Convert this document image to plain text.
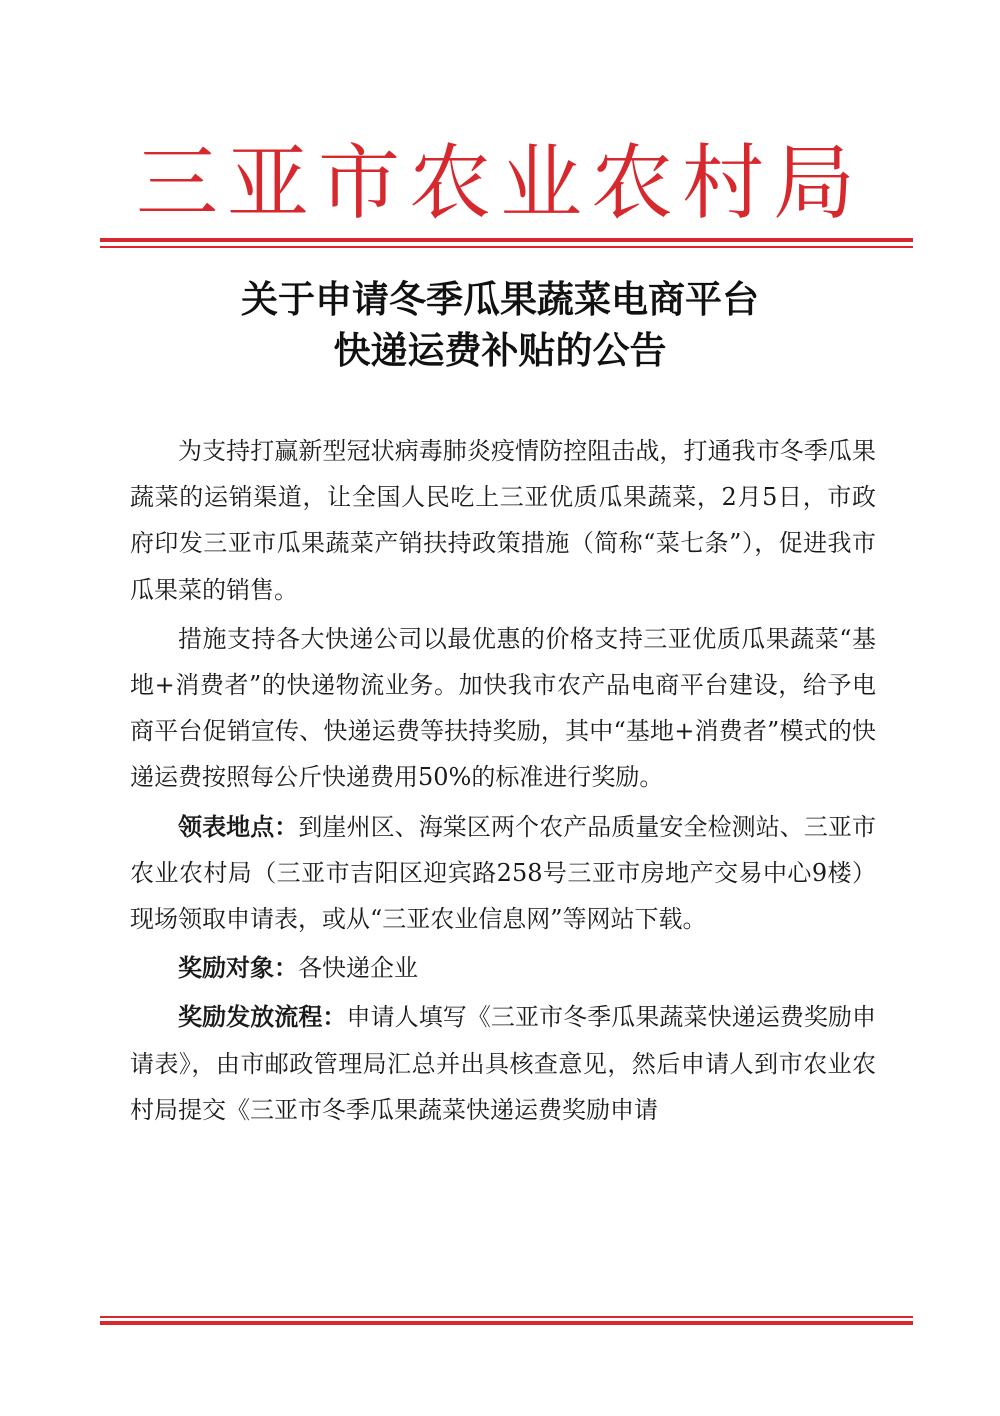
三亚市农业农村局
关于申请冬季瓜果蔬菜电商平台
快递运费补贴的公告

为支持打赢新型冠状病毒肺炎疫情防控阻击战，打通我市冬季瓜果蔬菜的运销渠道，让全国人民吃上三亚优质瓜果蔬菜，2月5日，市政府印发三亚市瓜果蔬菜产销扶持政策措施（简称“菜七条”），促进我市瓜果菜的销售。

措施支持各大快递公司以最优惠的价格支持三亚优质瓜果蔬菜“基地+消费者”的快递物流业务。加快我市农产品电商平台建设，给予电商平台促销宣传、快递运费等扶持奖励，其中“基地+消费者”模式的快递运费按照每公斤快递费用50%的标准进行奖励。

领表地点：到崖州区、海棠区两个农产品质量安全检测站、三亚市农业农村局（三亚市吉阳区迎宾路258号三亚市房地产交易中心9楼）现场领取申请表，或从“三亚农业信息网”等网站下载。

奖励对象：各快递企业

奖励发放流程：申请人填写《三亚市冬季瓜果蔬菜快递运费奖励申请表》，由市邮政管理局汇总并出具核查意见，然后申请人到市农业农村局提交《三亚市冬季瓜果蔬菜快递运费奖励申请
